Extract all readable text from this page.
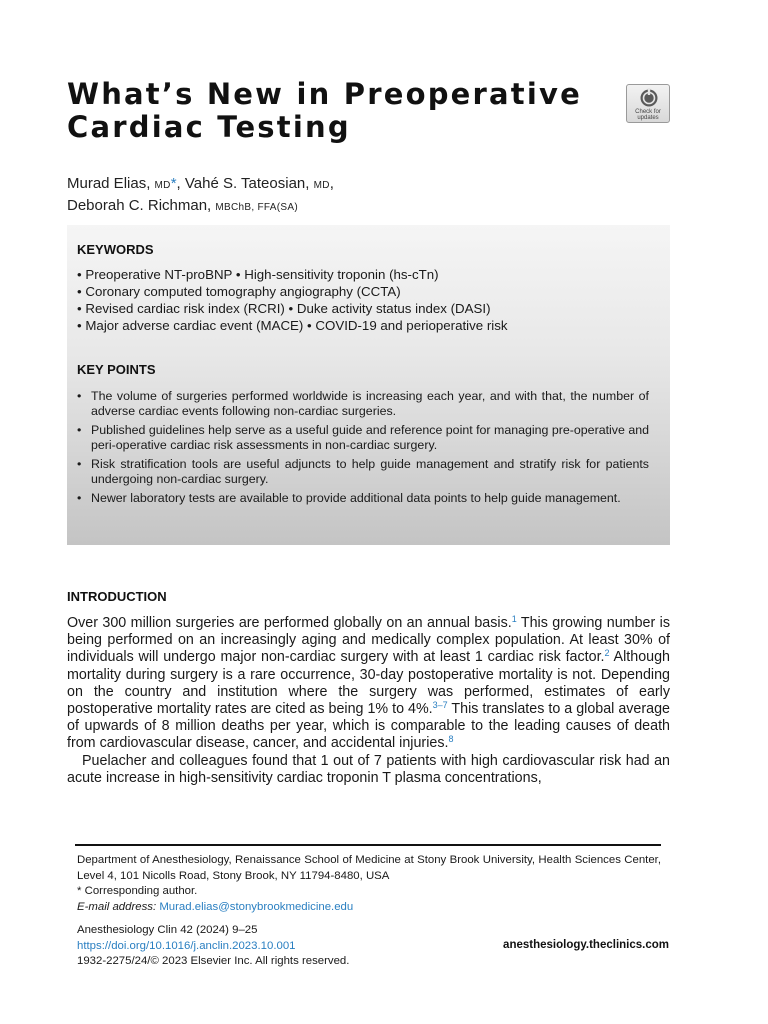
What’s New in Preoperative Cardiac Testing	Check for updates
Murad Elias, MD*, Vahé S. Tateosian, MD,
Deborah C. Richman, MBChB, FFA(SA)
KEYWORDS
• Preoperative NT-proBNP • High-sensitivity troponin (hs-cTn)
• Coronary computed tomography angiography (CCTA)
• Revised cardiac risk index (RCRI) • Duke activity status index (DASI)
• Major adverse cardiac event (MACE) • COVID-19 and perioperative risk
KEY POINTS
• The volume of surgeries performed worldwide is increasing each year, and with that, the number of adverse cardiac events following non-cardiac surgeries.
• Published guidelines help serve as a useful guide and reference point for managing pre-operative and peri-operative cardiac risk assessments in non-cardiac surgery.
• Risk stratification tools are useful adjuncts to help guide management and stratify risk for patients undergoing non-cardiac surgery.
• Newer laboratory tests are available to provide additional data points to help guide management.
INTRODUCTION

Over 300 million surgeries are performed globally on an annual basis.$^1$ This growing number is being performed on an increasingly aging and medically complex population. At least 30% of individuals will undergo major non-cardiac surgery with at least 1 cardiac risk factor.$^2$ Although mortality during surgery is a rare occurrence, 30-day postoperative mortality is not. Depending on the country and institution where the surgery was performed, estimates of early postoperative mortality rates are cited as being 1% to 4%.$^{3-7}$ This translates to a global average of upwards of 8 million deaths per year, which is comparable to the leading causes of death from cardiovascular disease, cancer, and accidental injuries.$^8$

Puelacher and colleagues found that 1 out of 7 patients with high cardiovascular risk had an acute increase in high-sensitivity cardiac troponin T plasma concentrations,

Department of Anesthesiology, Renaissance School of Medicine at Stony Brook University, Health Sciences Center, Level 4, 101 Nicolls Road, Stony Brook, NY 11794-8480, USA
* Corresponding author.
E-mail address: Murad.elias@stonybrookmedicine.edu
Anesthesiology Clin 42 (2024) 9–25
https://doi.org/10.1016/j.anclin.2023.10.001
1932-2275/24/© 2023 Elsevier Inc. All rights reserved.
anesthesiology.theclinics.com
